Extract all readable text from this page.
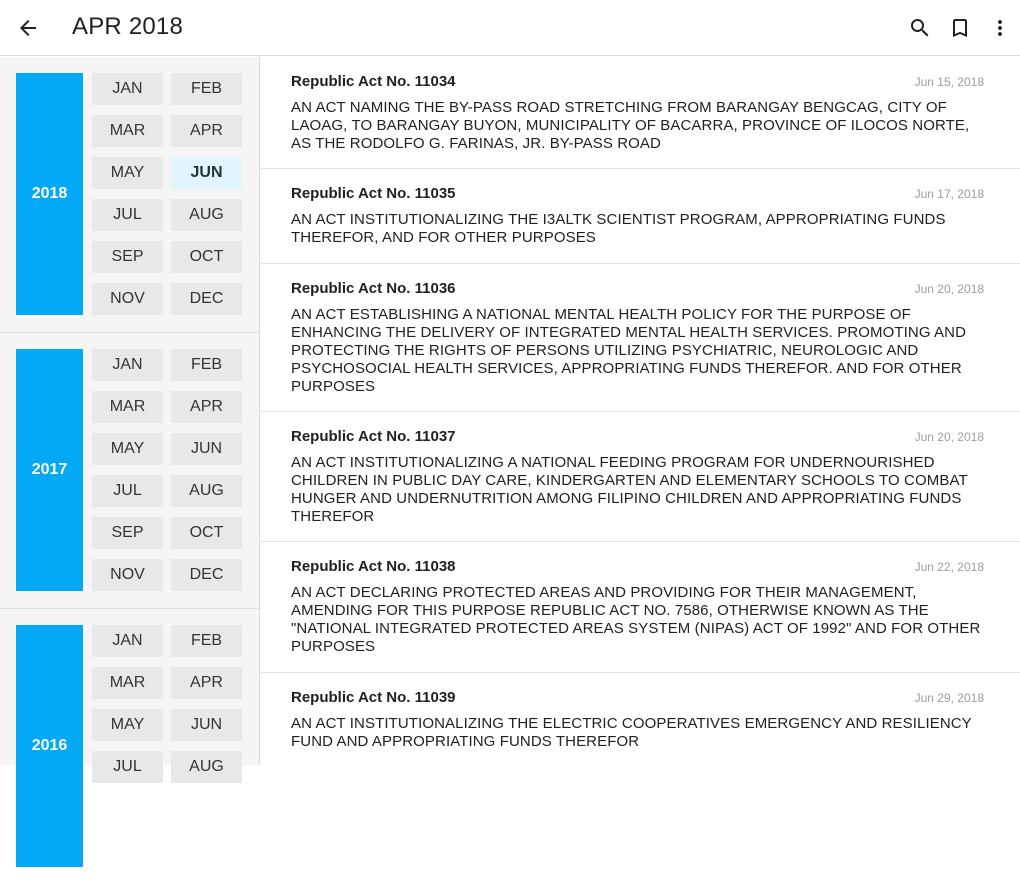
APR 2018
2018
JAN	FEB
MAR	APR
MAY	JUN
JUL	AUG
SEP	OCT
NOV	DEC
2017
JAN	FEB
MAR	APR
MAY	JUN
JUL	AUG
SEP	OCT
NOV	DEC
2016
JAN	FEB
MAR	APR
MAY	JUN
JUL	AUG
Republic Act No. 11034	Jun 15, 2018
AN ACT NAMING THE BY-PASS ROAD STRETCHING FROM BARANGAY BENGCAG, CITY OF LAOAG, TO BARANGAY BUYON, MUNICIPALITY OF BACARRA, PROVINCE OF ILOCOS NORTE, AS THE RODOLFO G. FARINAS, JR. BY-PASS ROAD
Republic Act No. 11035	Jun 17, 2018
AN ACT INSTITUTIONALIZING THE I3ALTK SCIENTIST PROGRAM, APPROPRIATING FUNDS THEREFOR, AND FOR OTHER PURPOSES
Republic Act No. 11036	Jun 20, 2018
AN ACT ESTABLISHING A NATIONAL MENTAL HEALTH POLICY FOR THE PURPOSE OF ENHANCING THE DELIVERY OF INTEGRATED MENTAL HEALTH SERVICES. PROMOTING AND PROTECTING THE RIGHTS OF PERSONS UTILIZING PSYCHIATRIC, NEUROLOGIC AND PSYCHOSOCIAL HEALTH SERVICES, APPROPRIATING FUNDS THEREFOR. AND FOR OTHER PURPOSES
Republic Act No. 11037	Jun 20, 2018
AN ACT INSTITUTIONALIZING A NATIONAL FEEDING PROGRAM FOR UNDERNOURISHED CHILDREN IN PUBLIC DAY CARE, KINDERGARTEN AND ELEMENTARY SCHOOLS TO COMBAT HUNGER AND UNDERNUTRITION AMONG FILIPINO CHILDREN AND APPROPRIATING FUNDS THEREFOR
Republic Act No. 11038	Jun 22, 2018
AN ACT DECLARING PROTECTED AREAS AND PROVIDING FOR THEIR MANAGEMENT, AMENDING FOR THIS PURPOSE REPUBLIC ACT NO. 7586, OTHERWISE KNOWN AS THE "NATIONAL INTEGRATED PROTECTED AREAS SYSTEM (NIPAS) ACT OF 1992" AND FOR OTHER PURPOSES
Republic Act No. 11039	Jun 29, 2018
AN ACT INSTITUTIONALIZING THE ELECTRIC COOPERATIVES EMERGENCY AND RESILIENCY FUND AND APPROPRIATING FUNDS THEREFOR
